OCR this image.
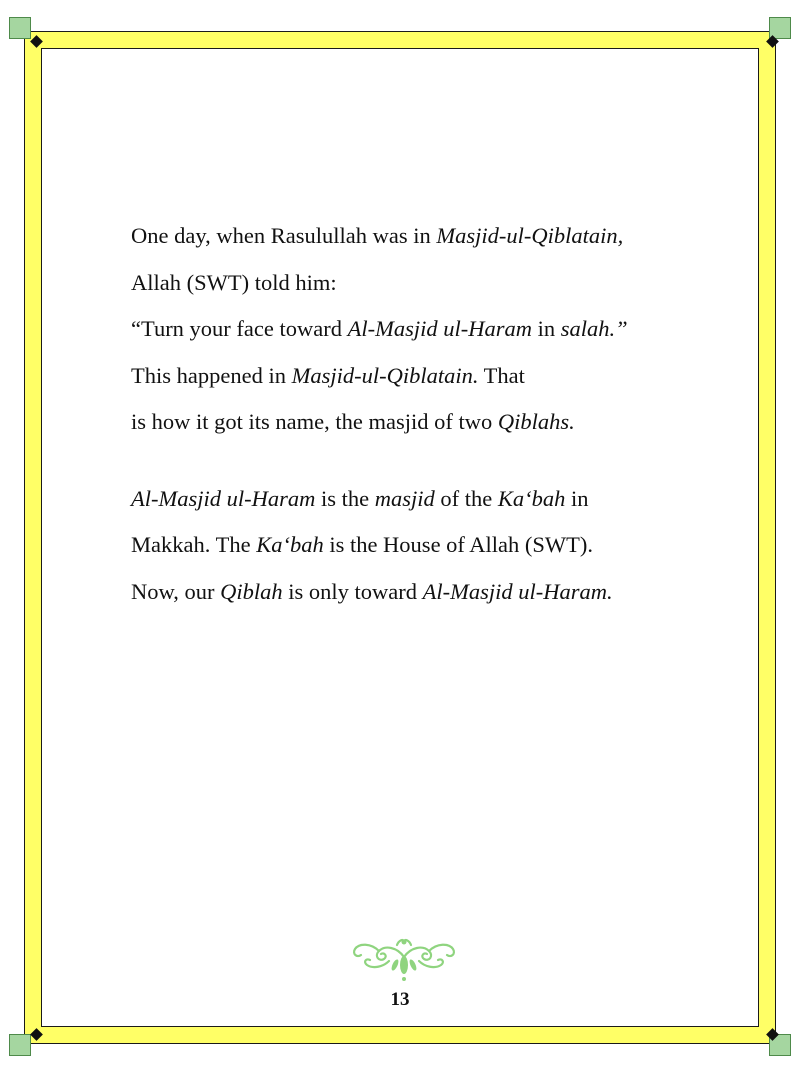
One day, when Rasulullah was in Masjid-ul-Qiblatain,
Allah (SWT) told him:
“Turn your face toward Al-Masjid ul-Haram in salah.”
This happened in Masjid-ul-Qiblatain. That
is how it got its name, the masjid of two Qiblahs.

Al-Masjid ul-Haram is the masjid of the Ka‘bah in
Makkah. The Ka‘bah is the House of Allah (SWT).
Now, our Qiblah is only toward Al-Masjid ul-Haram.

13
